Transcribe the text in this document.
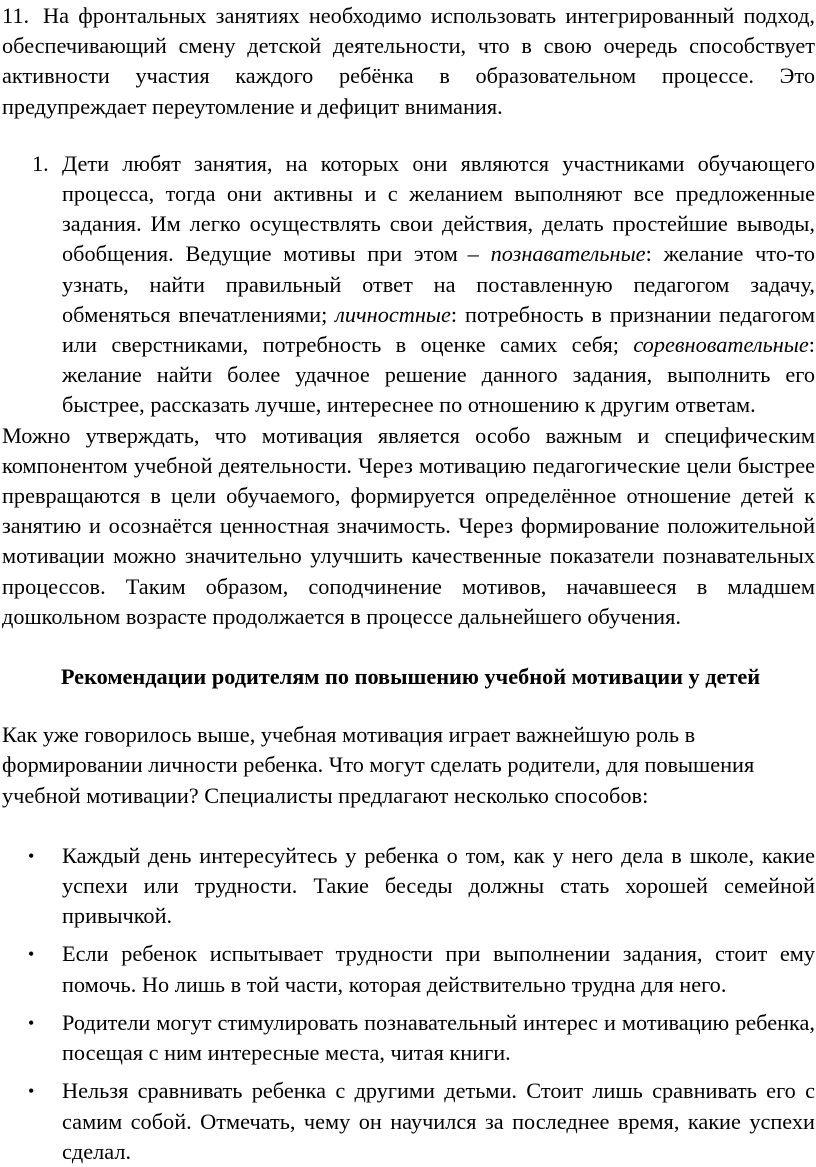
11. На фронтальных занятиях необходимо использовать интегрированный подход, обеспечивающий смену детской деятельности, что в свою очередь способствует активности участия каждого ребёнка в образовательном процессе. Это предупреждает переутомление и дефицит внимания.

1. Дети любят занятия, на которых они являются участниками обучающего процесса, тогда они активны и с желанием выполняют все предложенные задания. Им легко осуществлять свои действия, делать простейшие выводы, обобщения. Ведущие мотивы при этом – познавательные: желание что-то узнать, найти правильный ответ на поставленную педагогом задачу, обменяться впечатлениями; личностные: потребность в признании педагогом или сверстниками, потребность в оценке самих себя; соревновательные: желание найти более удачное решение данного задания, выполнить его быстрее, рассказать лучше, интереснее по отношению к другим ответам.

Можно утверждать, что мотивация является особо важным и специфическим компонентом учебной деятельности. Через мотивацию педагогические цели быстрее превращаются в цели обучаемого, формируется определённое отношение детей к занятию и осознаётся ценностная значимость. Через формирование положительной мотивации можно значительно улучшить качественные показатели познавательных процессов. Таким образом, соподчинение мотивов, начавшееся в младшем дошкольном возрасте продолжается в процессе дальнейшего обучения.

Рекомендации родителям по повышению учебной мотивации у детей

Как уже говорилось выше, учебная мотивация играет важнейшую роль в формировании личности ребенка. Что могут сделать родители, для повышения учебной мотивации? Специалисты предлагают несколько способов:

• Каждый день интересуйтесь у ребенка о том, как у него дела в школе, какие успехи или трудности. Такие беседы должны стать хорошей семейной привычкой.
• Если ребенок испытывает трудности при выполнении задания, стоит ему помочь. Но лишь в той части, которая действительно трудна для него.
• Родители могут стимулировать познавательный интерес и мотивацию ребенка, посещая с ним интересные места, читая книги.
• Нельзя сравнивать ребенка с другими детьми. Стоит лишь сравнивать его с самим собой. Отмечать, чему он научился за последнее время, какие успехи сделал.
